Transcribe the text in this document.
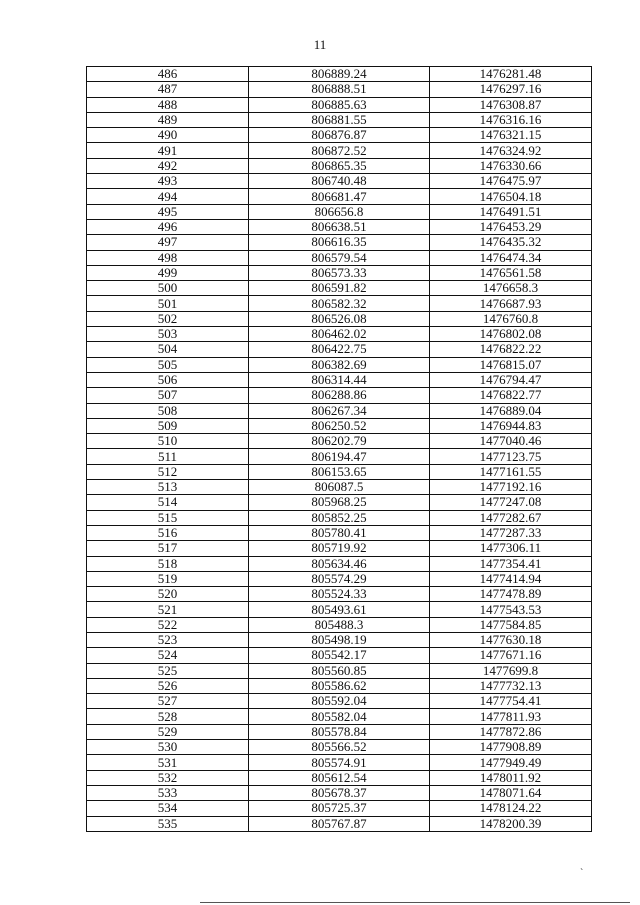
11
486	806889.24	1476281.48
487	806888.51	1476297.16
488	806885.63	1476308.87
489	806881.55	1476316.16
490	806876.87	1476321.15
491	806872.52	1476324.92
492	806865.35	1476330.66
493	806740.48	1476475.97
494	806681.47	1476504.18
495	806656.8	1476491.51
496	806638.51	1476453.29
497	806616.35	1476435.32
498	806579.54	1476474.34
499	806573.33	1476561.58
500	806591.82	1476658.3
501	806582.32	1476687.93
502	806526.08	1476760.8
503	806462.02	1476802.08
504	806422.75	1476822.22
505	806382.69	1476815.07
506	806314.44	1476794.47
507	806288.86	1476822.77
508	806267.34	1476889.04
509	806250.52	1476944.83
510	806202.79	1477040.46
511	806194.47	1477123.75
512	806153.65	1477161.55
513	806087.5	1477192.16
514	805968.25	1477247.08
515	805852.25	1477282.67
516	805780.41	1477287.33
517	805719.92	1477306.11
518	805634.46	1477354.41
519	805574.29	1477414.94
520	805524.33	1477478.89
521	805493.61	1477543.53
522	805488.3	1477584.85
523	805498.19	1477630.18
524	805542.17	1477671.16
525	805560.85	1477699.8
526	805586.62	1477732.13
527	805592.04	1477754.41
528	805582.04	1477811.93
529	805578.84	1477872.86
530	805566.52	1477908.89
531	805574.91	1477949.49
532	805612.54	1478011.92
533	805678.37	1478071.64
534	805725.37	1478124.22
535	805767.87	1478200.39
`
